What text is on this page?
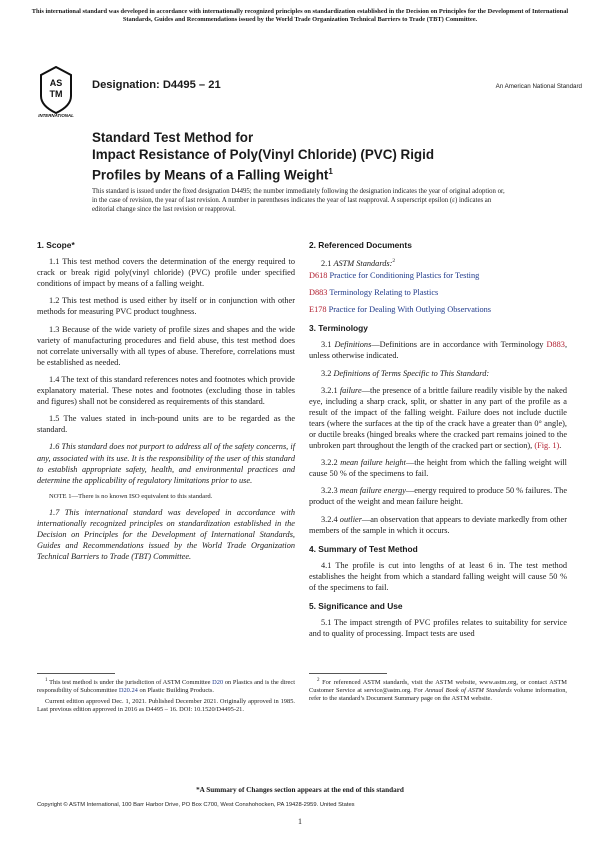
This international standard was developed in accordance with internationally recognized principles on standardization established in the Decision on Principles for the Development of International Standards, Guides and Recommendations issued by the World Trade Organization Technical Barriers to Trade (TBT) Committee.
AS
TM
INTERNATIONAL
Designation: D4495 – 21	An American National Standard
Standard Test Method for
Impact Resistance of Poly(Vinyl Chloride) (PVC) Rigid
Profiles by Means of a Falling Weight$^1$

This standard is issued under the fixed designation D4495; the number immediately following the designation indicates the year of original adoption or, in the case of revision, the year of last revision. A number in parentheses indicates the year of last reapproval. A superscript epsilon (ε) indicates an editorial change since the last revision or reapproval.

1. Scope*

1.1 This test method covers the determination of the energy required to crack or break rigid poly(vinyl chloride) (PVC) profile under specified conditions of impact by means of a falling weight.

1.2 This test method is used either by itself or in conjunction with other methods for measuring PVC product toughness.

1.3 Because of the wide variety of profile sizes and shapes and the wide variety of manufacturing procedures and field abuse, this test method does not correlate universally with all types of abuse. Therefore, correlations must be established as needed.

1.4 The text of this standard references notes and footnotes which provide explanatory material. These notes and footnotes (excluding those in tables and figures) shall not be considered as requirements of this standard.

1.5 The values stated in inch-pound units are to be regarded as the standard.

1.6 This standard does not purport to address all of the safety concerns, if any, associated with its use. It is the responsibility of the user of this standard to establish appropriate safety, health, and environmental practices and determine the applicability of regulatory limitations prior to use.

NOTE 1—There is no known ISO equivalent to this standard.

1.7 This international standard was developed in accordance with internationally recognized principles on standardization established in the Decision on Principles for the Development of International Standards, Guides and Recommendations issued by the World Trade Organization Technical Barriers to Trade (TBT) Committee.

2. Referenced Documents

2.1 ASTM Standards:$^2$

D618 Practice for Conditioning Plastics for Testing

D883 Terminology Relating to Plastics

E178 Practice for Dealing With Outlying Observations

3. Terminology

3.1 Definitions—Definitions are in accordance with Terminology D883, unless otherwise indicated.

3.2 Definitions of Terms Specific to This Standard:

3.2.1 failure—the presence of a brittle failure readily visible by the naked eye, including a sharp crack, split, or shatter in any part of the profile as a result of the impact of the falling weight. Failure does not include ductile tears (where the surfaces at the tip of the crack have a greater than 0° angle), or ductile breaks (hinged breaks where the cracked part remains joined to the unbroken part throughout the length of the cracked part or section), (Fig. 1).

3.2.2 mean failure height—the height from which the falling weight will cause 50 % of the specimens to fail.

3.2.3 mean failure energy—energy required to produce 50 % failures. The product of the weight and mean failure height.

3.2.4 outlier—an observation that appears to deviate markedly from other members of the sample in which it occurs.

4. Summary of Test Method

4.1 The profile is cut into lengths of at least 6 in. The test method establishes the height from which a standard falling weight will cause 50 % of the specimens to fail.

5. Significance and Use

5.1 The impact strength of PVC profiles relates to suitability for service and to quality of processing. Impact tests are used

$^1$ This test method is under the jurisdiction of ASTM Committee D20 on Plastics and is the direct responsibility of Subcommittee D20.24 on Plastic Building Products.

Current edition approved Dec. 1, 2021. Published December 2021. Originally approved in 1985. Last previous edition approved in 2016 as D4495 – 16. DOI: 10.1520/D4495-21.

$^2$ For referenced ASTM standards, visit the ASTM website, www.astm.org, or contact ASTM Customer Service at service@astm.org. For Annual Book of ASTM Standards volume information, refer to the standard’s Document Summary page on the ASTM website.

*A Summary of Changes section appears at the end of this standard
Copyright © ASTM International, 100 Barr Harbor Drive, PO Box C700, West Conshohocken, PA 19428-2959. United States
1
